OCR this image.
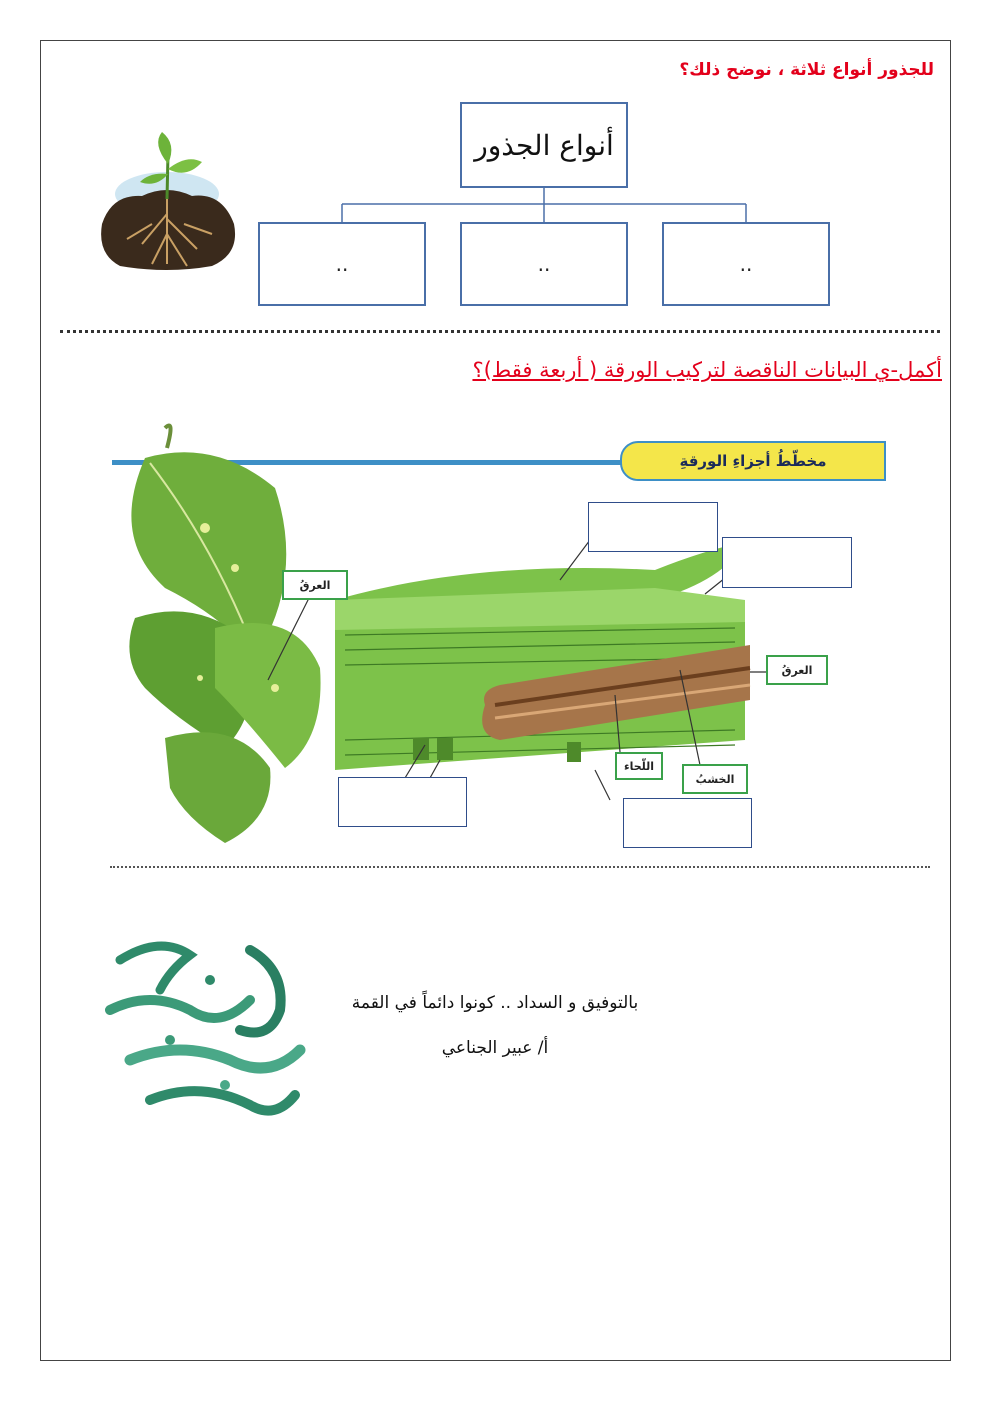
للجذور أنواع ثلاثة ، نوضح ذلك؟
أنواع الجذور
..	..	..
أكمل-ي البيانات الناقصة لتركيب الورقة ( أربعة فقط)؟
مخطّطُ أجزاءِ الورقةِ
العرقُ
العرقُ
اللّحاء
الخشبُ
بالتوفيق و السداد .. كونوا دائماً في القمة
أ/ عبير الجناعي
